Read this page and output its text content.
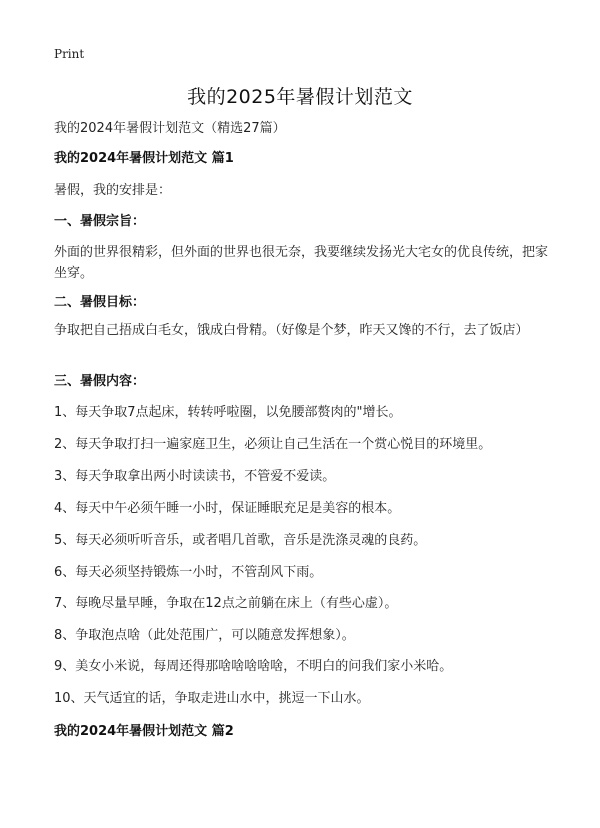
Print
我的2025年暑假计划范文
我的2024年暑假计划范文（精选27篇）
我的2024年暑假计划范文 篇1
暑假，我的安排是：
一、暑假宗旨：
外面的世界很精彩，但外面的世界也很无奈，我要继续发扬光大宅女的优良传统，把家坐穿。
二、暑假目标：
争取把自己捂成白毛女，饿成白骨精。（好像是个梦，昨天又馋的不行，去了饭店）
三、暑假内容：
1、每天争取7点起床，转转呼啦圈，以免腰部赘肉的"增长。
2、每天争取打扫一遍家庭卫生，必须让自己生活在一个赏心悦目的环境里。
3、每天争取拿出两小时读读书，不管爱不爱读。
4、每天中午必须午睡一小时，保证睡眠充足是美容的根本。
5、每天必须听听音乐，或者唱几首歌，音乐是洗涤灵魂的良药。
6、每天必须坚持锻炼一小时，不管刮风下雨。
7、每晚尽量早睡，争取在12点之前躺在床上（有些心虚）。
8、争取泡点啥（此处范围广，可以随意发挥想象）。
9、美女小米说，每周还得那啥啥啥啥啥，不明白的问我们家小米哈。
10、天气适宜的话，争取走进山水中，挑逗一下山水。
我的2024年暑假计划范文 篇2
